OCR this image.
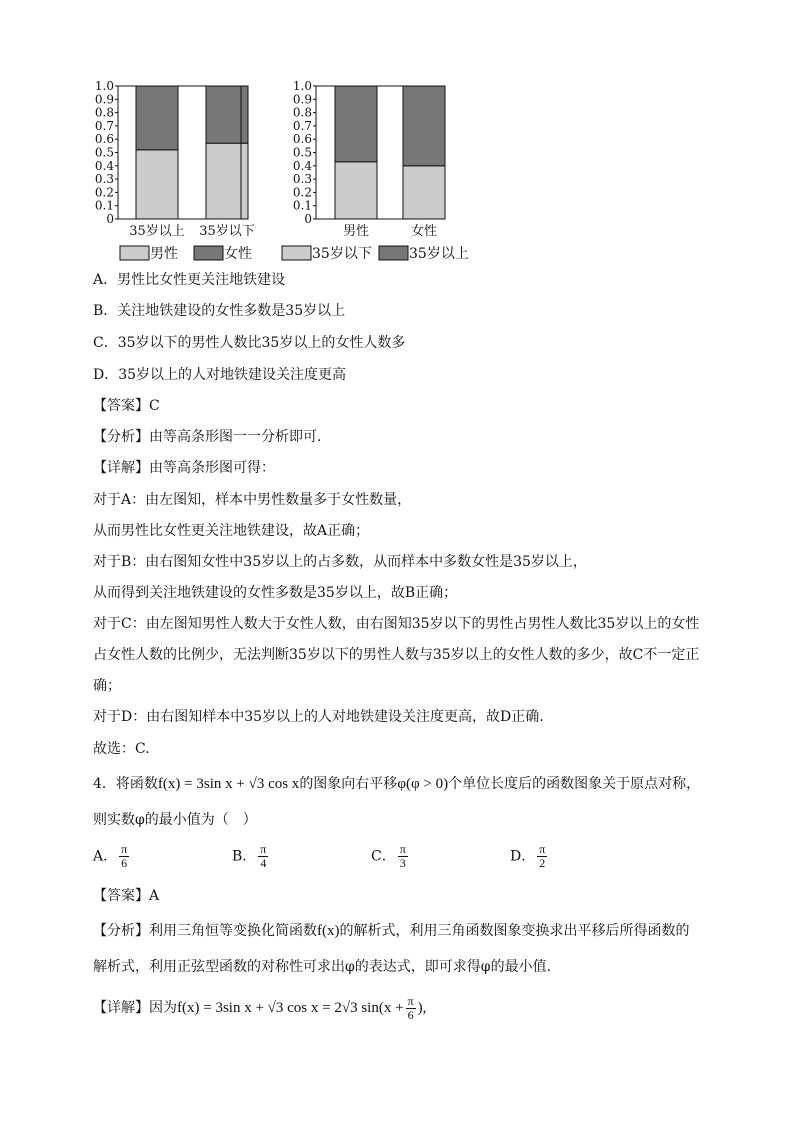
35岁以上 35岁以下
0
0.1
0.2
0.3
0.4
0.5
0.6
0.7
0.8
0.9
1.0
男性	女性
0
0.1
0.2
0.3
0.4
0.5
0.6
0.7
0.8
0.9
1.0
男性	女性	35岁以下	35岁以上
A．男性比女性更关注地铁建设
B．关注地铁建设的女性多数是35岁以上
C．35岁以下的男性人数比35岁以上的女性人数多
D．35岁以上的人对地铁建设关注度更高
【答案】C
【分析】由等高条形图一一分析即可.
【详解】由等高条形图可得：
对于A：由左图知，样本中男性数量多于女性数量，
从而男性比女性更关注地铁建设，故A正确；
对于B：由右图知女性中35岁以上的占多数，从而样本中多数女性是35岁以上，
从而得到关注地铁建设的女性多数是35岁以上，故B正确；
对于C：由左图知男性人数大于女性人数，由右图知35岁以下的男性占男性人数比35岁以上的女性
占女性人数的比例少，无法判断35岁以下的男性人数与35岁以上的女性人数的多少，故C不一定正
确；
对于D：由右图知样本中35岁以上的人对地铁建设关注度更高，故D正确.
故选：C.
4．将函数f(x) = 3sin x + √3 cos x的图象向右平移φ(φ > 0)个单位长度后的函数图象关于原点对称，
则实数φ的最小值为（　）
A． $\frac{\pi}{6}$	B． $\frac{\pi}{4}$	C． $\frac{\pi}{3}$	D． $\frac{\pi}{2}$
【答案】A
【分析】利用三角恒等变换化简函数f(x)的解析式，利用三角函数图象变换求出平移后所得函数的
解析式，利用正弦型函数的对称性可求出φ的表达式，即可求得φ的最小值.
【详解】因为f(x) = 3sin x + √3 cos x = 2√3 $\sin(x + \frac{\pi}{6}$ ),
